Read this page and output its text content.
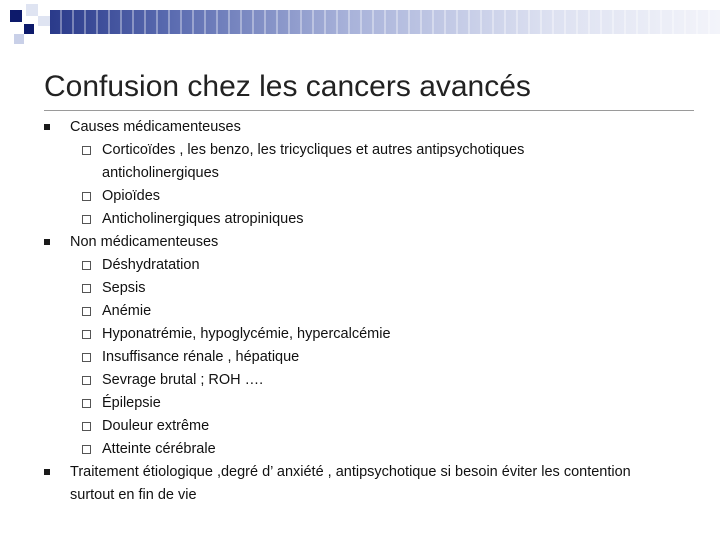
Confusion chez les cancers avancés
Causes médicamenteuses
Corticoïdes , les benzo, les tricycliques et autres antipsychotiques anticholinergiques
Opioïdes
Anticholinergiques atropiniques
Non médicamenteuses
Déshydratation
Sepsis
Anémie
Hyponatrémie, hypoglycémie, hypercalcémie
Insuffisance rénale , hépatique
Sevrage brutal ; ROH ….
Épilepsie
Douleur extrême
Atteinte cérébrale
Traitement étiologique ,degré d’ anxiété , antipsychotique si besoin éviter les contention surtout en fin de vie
